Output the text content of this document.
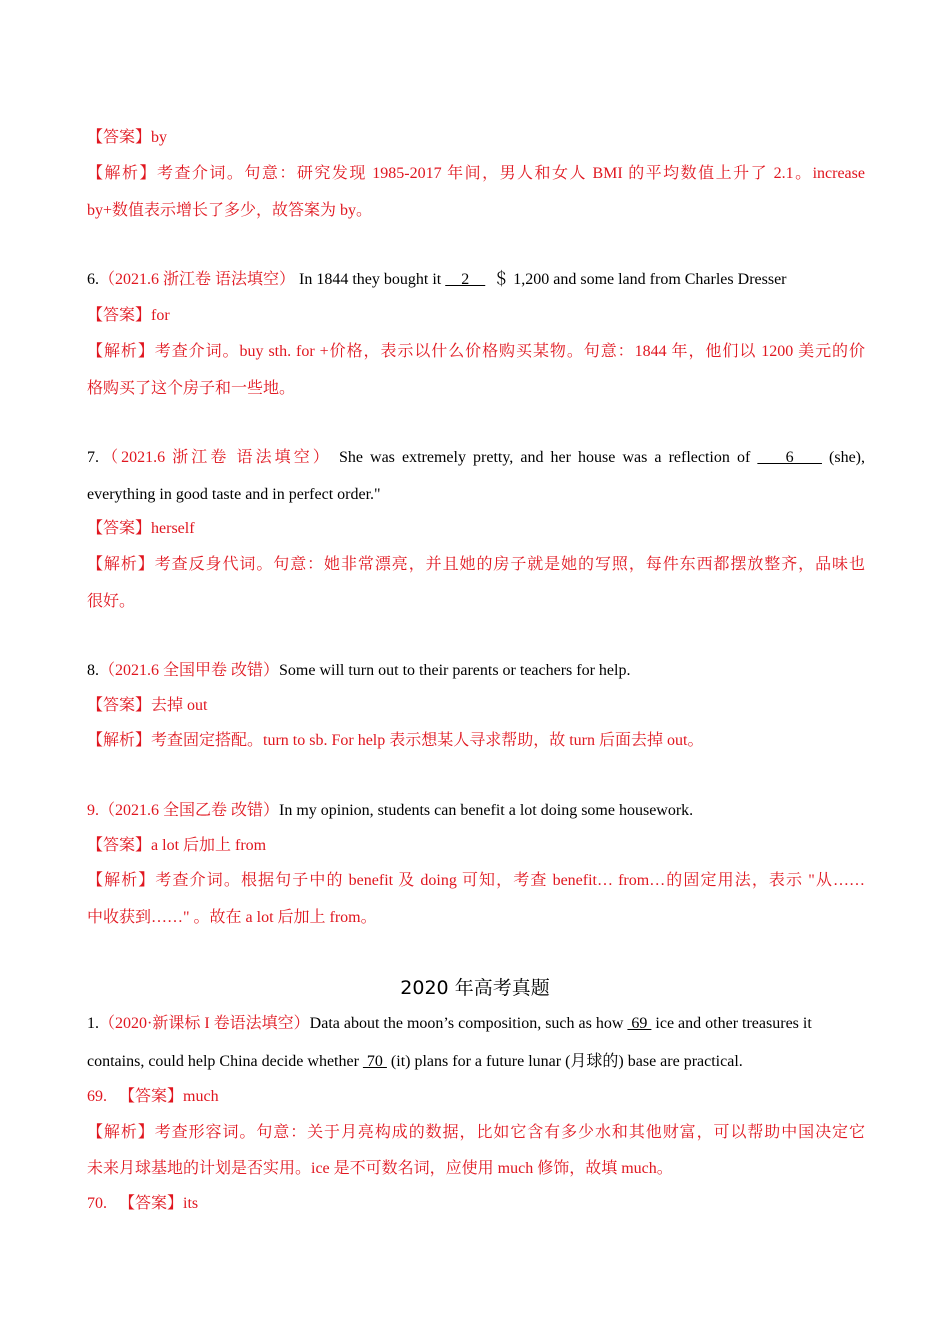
【答案】by
【解析】考查介词。句意：研究发现 1985-2017 年间，男人和女人 BMI 的平均数值上升了 2.1。increase
by+数值表示增长了多少，故答案为 by。
6.（2021.6 浙江卷 语法填空） In 1844 they bought it     2      ＄ 1,200 and some land from Charles Dresser
【答案】for
【解析】考查介词。buy sth. for +价格，表示以什么价格购买某物。句意：1844 年，他们以 1200 美元的价
格购买了这个房子和一些地。
7.（2021.6 浙江卷 语法填空） She was extremely pretty, and her house was a reflection of     6     (she),
everything in good taste and in perfect order."
【答案】herself
【解析】考查反身代词。句意：她非常漂亮，并且她的房子就是她的写照，每件东西都摆放整齐，品味也
很好。
8.（2021.6 全国甲卷 改错）Some will turn out to their parents or teachers for help.
【答案】去掉 out
【解析】考查固定搭配。turn to sb. For help 表示想某人寻求帮助，故 turn 后面去掉 out。
9.（2021.6 全国乙卷 改错）In my opinion, students can benefit a lot doing some housework.
【答案】a lot 后加上 from
【解析】考查介词。根据句子中的 benefit 及 doing 可知，考查 benefit… from…的固定用法，表示 "从……
中收获到……" 。故在 a lot 后加上 from。
2020 年高考真题
1.（2020·新课标 I 卷语法填空）Data about the moon’s composition, such as how  69  ice and other treasures it
contains, could help China decide whether  70  (it) plans for a future lunar (月球的) base are practical.
69. 【答案】much
【解析】考查形容词。句意：关于月亮构成的数据，比如它含有多少水和其他财富，可以帮助中国决定它
未来月球基地的计划是否实用。ice 是不可数名词，应使用 much 修饰，故填 much。
70. 【答案】its
